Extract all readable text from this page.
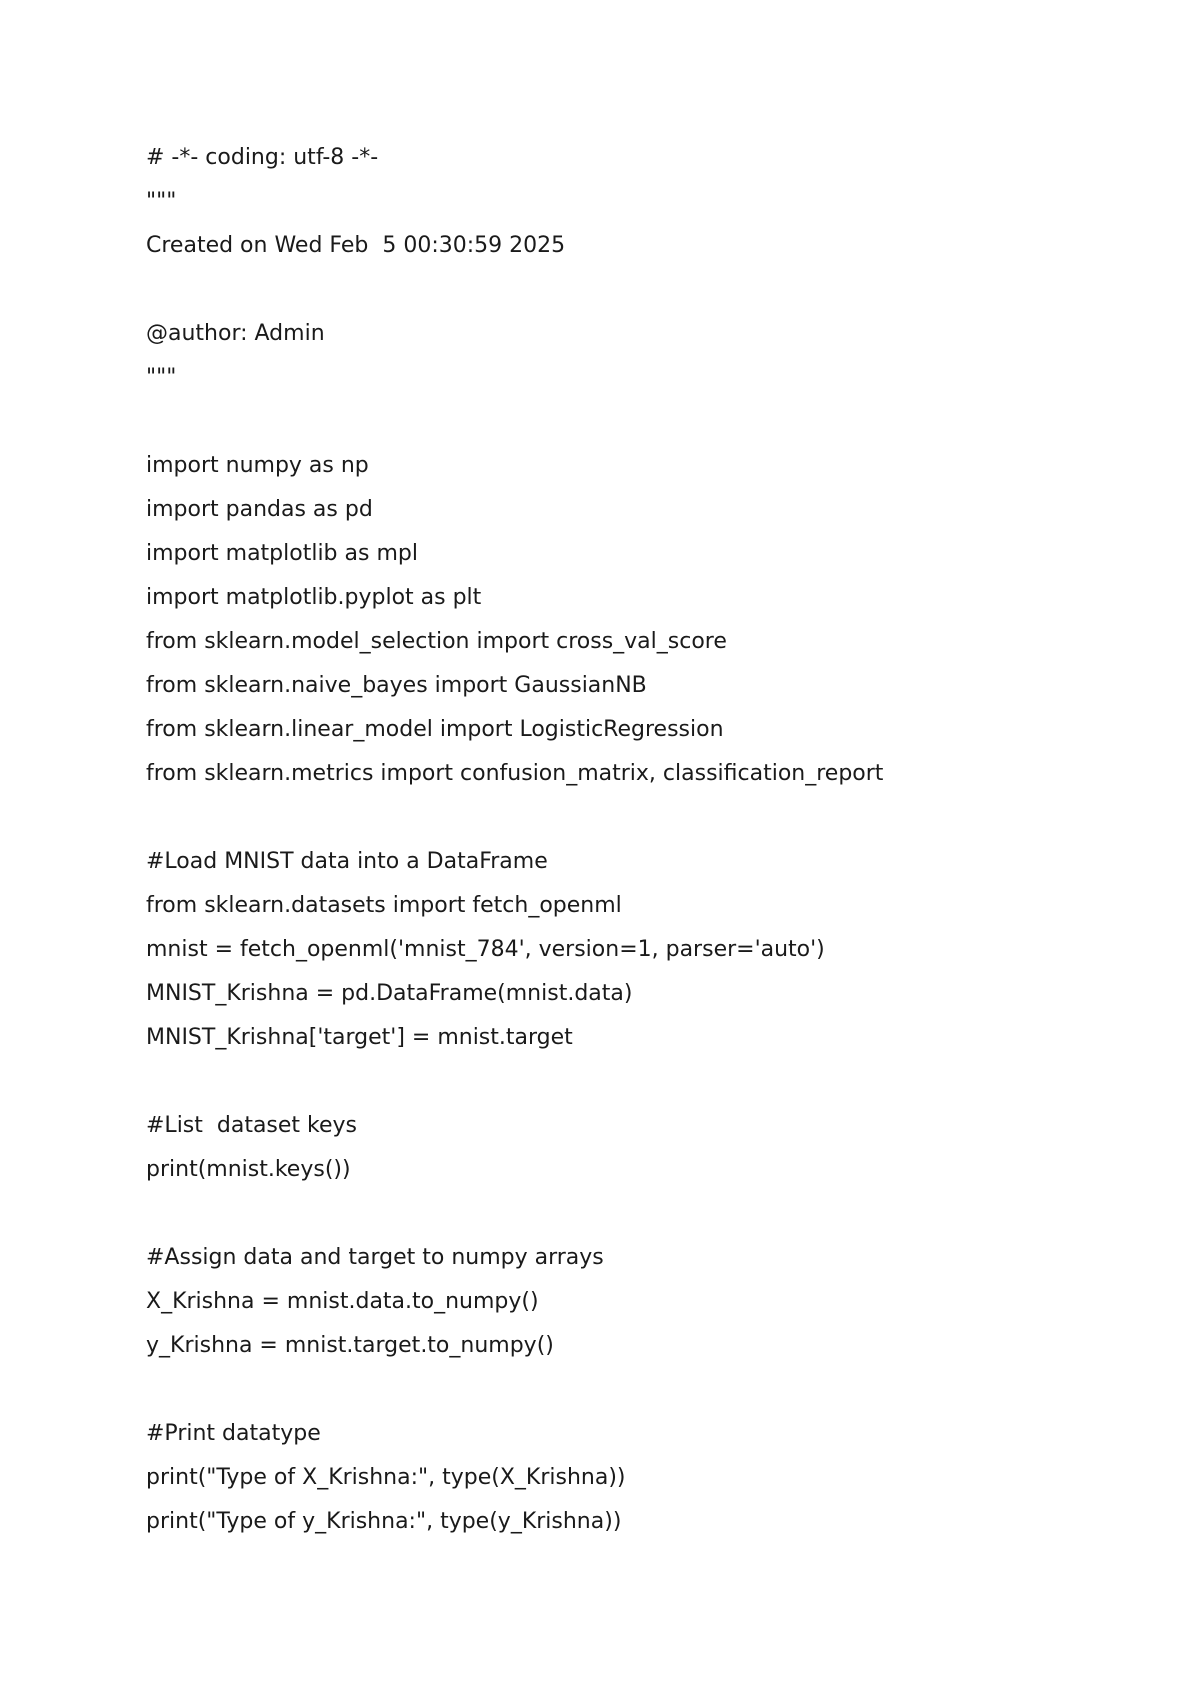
# -*- coding: utf-8 -*-
"""
Created on Wed Feb  5 00:30:59 2025
@author: Admin
"""
import numpy as np
import pandas as pd
import matplotlib as mpl
import matplotlib.pyplot as plt
from sklearn.model_selection import cross_val_score
from sklearn.naive_bayes import GaussianNB
from sklearn.linear_model import LogisticRegression
from sklearn.metrics import confusion_matrix, classification_report
#Load MNIST data into a DataFrame
from sklearn.datasets import fetch_openml
mnist = fetch_openml('mnist_784', version=1, parser='auto')
MNIST_Krishna = pd.DataFrame(mnist.data)
MNIST_Krishna['target'] = mnist.target
#List  dataset keys
print(mnist.keys())
#Assign data and target to numpy arrays
X_Krishna = mnist.data.to_numpy()
y_Krishna = mnist.target.to_numpy()
#Print datatype
print("Type of X_Krishna:", type(X_Krishna))
print("Type of y_Krishna:", type(y_Krishna))
